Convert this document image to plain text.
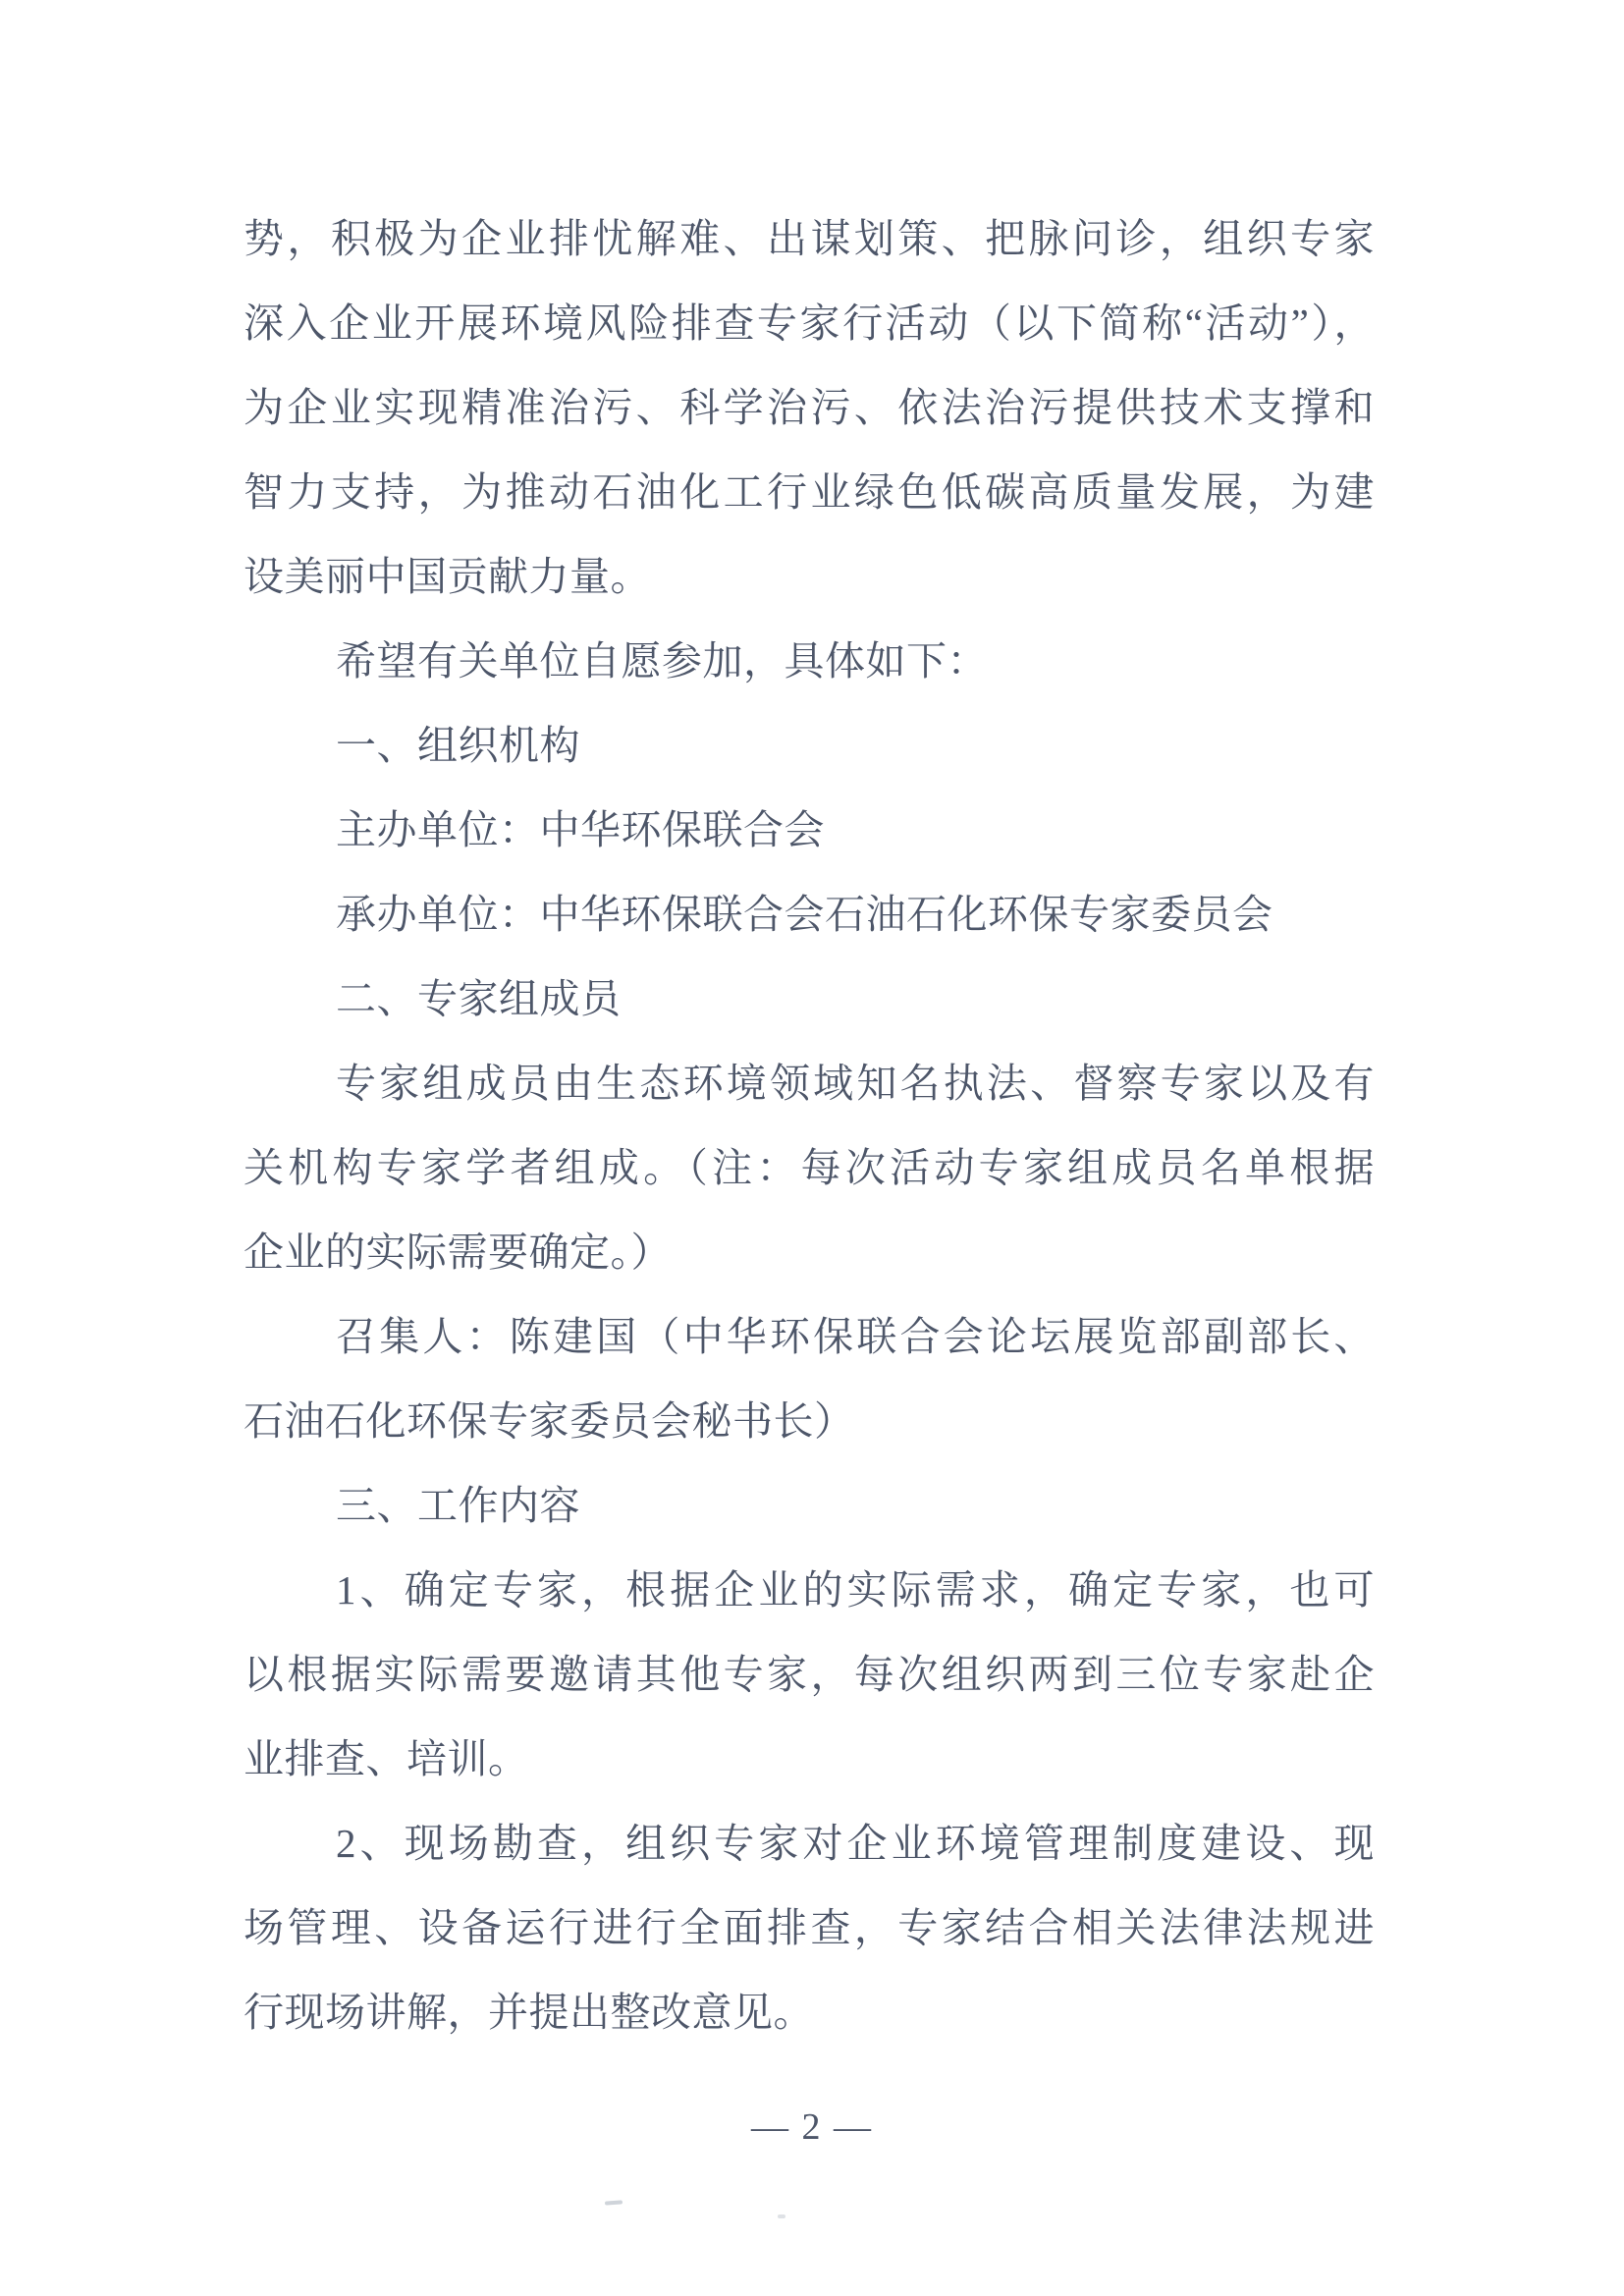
势，积极为企业排忧解难、出谋划策、把脉问诊，组织专家
深入企业开展环境风险排查专家行活动（以下简称“活动”），
为企业实现精准治污、科学治污、依法治污提供技术支撑和
智力支持，为推动石油化工行业绿色低碳高质量发展，为建
设美丽中国贡献力量。
希望有关单位自愿参加，具体如下：
一、组织机构
主办单位：中华环保联合会
承办单位：中华环保联合会石油石化环保专家委员会
二、专家组成员
专家组成员由生态环境领域知名执法、督察专家以及有
关机构专家学者组成。（注：每次活动专家组成员名单根据
企业的实际需要确定。）
召集人：陈建国（中华环保联合会论坛展览部副部长、
石油石化环保专家委员会秘书长）
三、工作内容
1、确定专家，根据企业的实际需求，确定专家，也可
以根据实际需要邀请其他专家，每次组织两到三位专家赴企
业排查、培训。
2、现场勘查，组织专家对企业环境管理制度建设、现
场管理、设备运行进行全面排查，专家结合相关法律法规进
行现场讲解，并提出整改意见。
— 2 —
